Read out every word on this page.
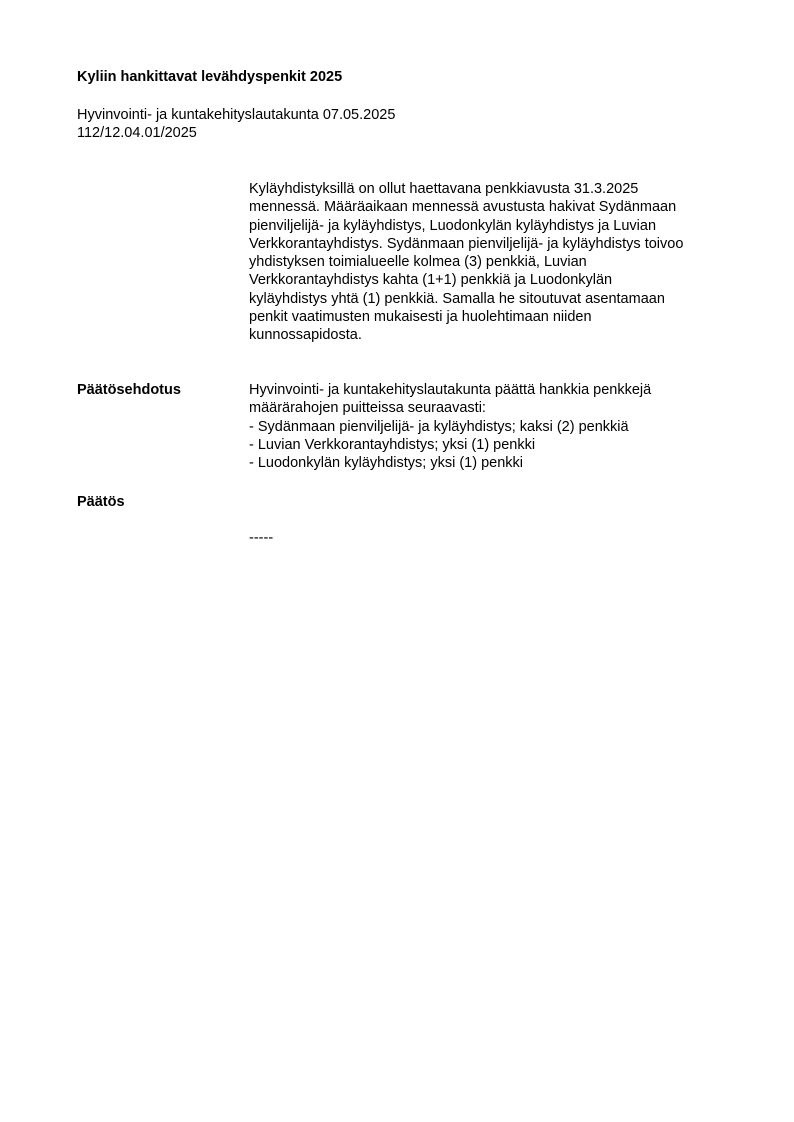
Kyliin hankittavat levähdyspenkit 2025
Hyvinvointi- ja kuntakehityslautakunta 07.05.2025
112/12.04.01/2025
Kyläyhdistyksillä on ollut haettavana penkkiavusta 31.3.2025
mennessä. Määräaikaan mennessä avustusta hakivat Sydänmaan
pienviljelijä- ja kyläyhdistys, Luodonkylän kyläyhdistys ja Luvian
Verkkorantayhdistys. Sydänmaan pienviljelijä- ja kyläyhdistys toivoo
yhdistyksen toimialueelle kolmea (3) penkkiä, Luvian
Verkkorantayhdistys kahta (1+1) penkkiä ja Luodonkylän
kyläyhdistys yhtä (1) penkkiä. Samalla he sitoutuvat asentamaan
penkit vaatimusten mukaisesti ja huolehtimaan niiden
kunnossapidosta.
Päätösehdotus	Hyvinvointi- ja kuntakehityslautakunta päättä hankkia penkkejä
määrärahojen puitteissa seuraavasti:
- Sydänmaan pienviljelijä- ja kyläyhdistys; kaksi (2) penkkiä
- Luvian Verkkorantayhdistys; yksi (1) penkki
- Luodonkylän kyläyhdistys; yksi (1) penkki
Päätös
-----
